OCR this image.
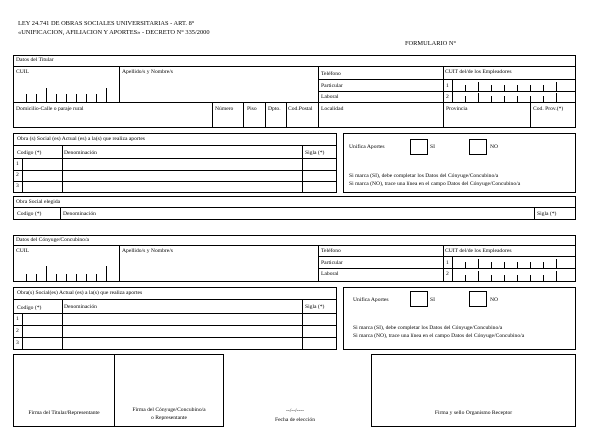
LEY 24.741 DE OBRAS SOCIALES UNIVERSITARIAS - ART. 8°
«UNIFICACION, AFILIACION Y APORTES» - DECRETO N° 335/2000
FORMULARIO N°
Datos del Titular
CUIL	Apellido/s y Nombre/s	Teléfono	CUIT del/de los Empleadores
Particular	1
Laboral	2
Domicilio-Calle o paraje rural	Número Piso Dpto. Cod.Postal Localidad	Provincia	Cod. Prov.(*)
Obra (s) Social (es) Actual (es) a la(s) que realiza aportes
Codigo (*)	Denominación	Sigla (*)
1
2
3
Unifica Aportes	SI	NO
Si marca (SI), debe completar los Datos del Cónyuge/Concubino/a
Si marca (NO), trace una línea en el campo Datos del Cónyuge/Concubino/a
Obra Social elegida
Codigo (*)	Denominación	Sigla (*)
Datos del Cónyuge/Concubino/a
CUIL	Apellido/s y Nombre/s	Teléfono	CUIT del/de los Empleadores
Particular	1
Laboral	2
Obra(s) Social(es) Actual (es) a la(s) que realiza aportes
Codigo (*)	Denominación	Sigla (*)
1
2
3
Unifica Aportes	SI	NO
Si marca (SI), debe completar los Datos del Cónyuge/Concubino/a
Si marca (NO), trace una línea en el campo Datos del Cónyuge/Concubino/a
Firma del Titular/Representante	Firma del Cónyuge/Concubino/a
o Representante
--/--/----
Fecha de elección
Firma y sello Organismo Receptor
